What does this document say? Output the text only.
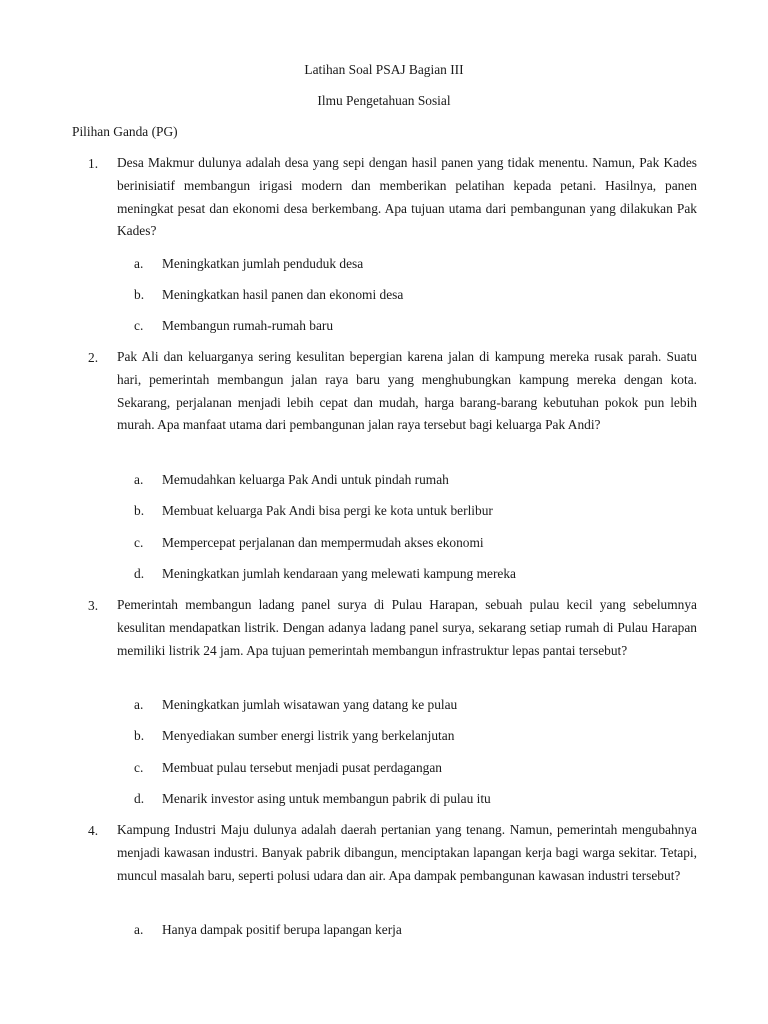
Latihan Soal PSAJ Bagian III
Ilmu Pengetahuan Sosial
Pilihan Ganda (PG)
1. Desa Makmur dulunya adalah desa yang sepi dengan hasil panen yang tidak menentu. Namun, Pak Kades berinisiatif membangun irigasi modern dan memberikan pelatihan kepada petani. Hasilnya, panen meningkat pesat dan ekonomi desa berkembang. Apa tujuan utama dari pembangunan yang dilakukan Pak Kades?
a. Meningkatkan jumlah penduduk desa
b. Meningkatkan hasil panen dan ekonomi desa
c. Membangun rumah-rumah baru
2. Pak Ali dan keluarganya sering kesulitan bepergian karena jalan di kampung mereka rusak parah. Suatu hari, pemerintah membangun jalan raya baru yang menghubungkan kampung mereka dengan kota. Sekarang, perjalanan menjadi lebih cepat dan mudah, harga barang-barang kebutuhan pokok pun lebih murah. Apa manfaat utama dari pembangunan jalan raya tersebut bagi keluarga Pak Andi?
a. Memudahkan keluarga Pak Andi untuk pindah rumah
b. Membuat keluarga Pak Andi bisa pergi ke kota untuk berlibur
c. Mempercepat perjalanan dan mempermudah akses ekonomi
d. Meningkatkan jumlah kendaraan yang melewati kampung mereka
3. Pemerintah membangun ladang panel surya di Pulau Harapan, sebuah pulau kecil yang sebelumnya kesulitan mendapatkan listrik. Dengan adanya ladang panel surya, sekarang setiap rumah di Pulau Harapan memiliki listrik 24 jam. Apa tujuan pemerintah membangun infrastruktur lepas pantai tersebut?
a. Meningkatkan jumlah wisatawan yang datang ke pulau
b. Menyediakan sumber energi listrik yang berkelanjutan
c. Membuat pulau tersebut menjadi pusat perdagangan
d. Menarik investor asing untuk membangun pabrik di pulau itu
4. Kampung Industri Maju dulunya adalah daerah pertanian yang tenang. Namun, pemerintah mengubahnya menjadi kawasan industri. Banyak pabrik dibangun, menciptakan lapangan kerja bagi warga sekitar. Tetapi, muncul masalah baru, seperti polusi udara dan air. Apa dampak pembangunan kawasan industri tersebut?
a. Hanya dampak positif berupa lapangan kerja
